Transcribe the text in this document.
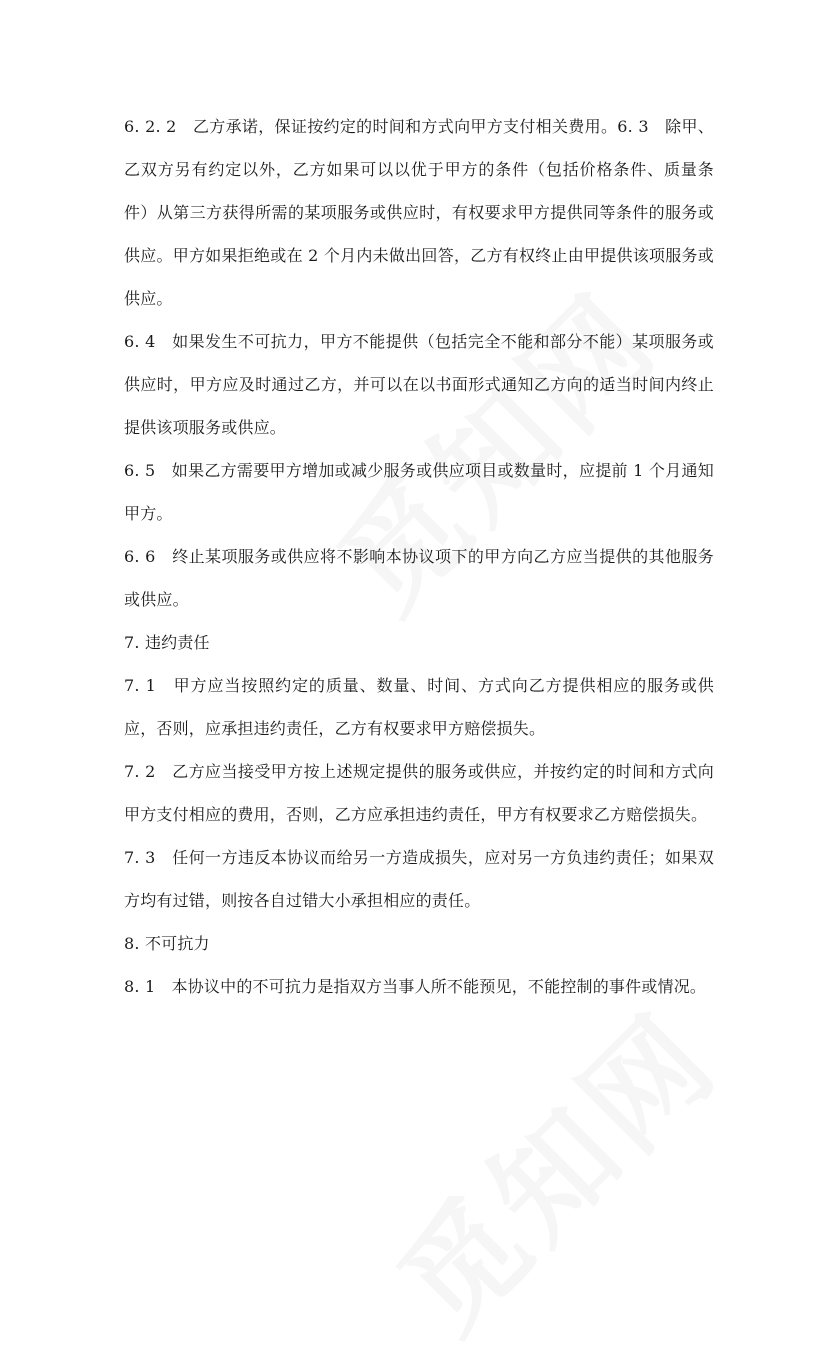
6. 2. 2　乙方承诺，保证按约定的时间和方式向甲方支付相关费用。6. 3　除甲、乙双方另有约定以外，乙方如果可以以优于甲方的条件（包括价格条件、质量条件）从第三方获得所需的某项服务或供应时，有权要求甲方提供同等条件的服务或供应。甲方如果拒绝或在 2 个月内未做出回答，乙方有权终止由甲提供该项服务或供应。

6. 4　如果发生不可抗力，甲方不能提供（包括完全不能和部分不能）某项服务或供应时，甲方应及时通过乙方，并可以在以书面形式通知乙方向的适当时间内终止提供该项服务或供应。

6. 5　如果乙方需要甲方增加或减少服务或供应项目或数量时，应提前 1 个月通知甲方。

6. 6　终止某项服务或供应将不影响本协议项下的甲方向乙方应当提供的其他服务或供应。

7. 违约责任

7. 1　甲方应当按照约定的质量、数量、时间、方式向乙方提供相应的服务或供应，否则，应承担违约责任，乙方有权要求甲方赔偿损失。

7. 2　乙方应当接受甲方按上述规定提供的服务或供应，并按约定的时间和方式向甲方支付相应的费用，否则，乙方应承担违约责任，甲方有权要求乙方赔偿损失。

7. 3　任何一方违反本协议而给另一方造成损失，应对另一方负违约责任；如果双方均有过错，则按各自过错大小承担相应的责任。

8. 不可抗力

8. 1　本协议中的不可抗力是指双方当事人所不能预见，不能控制的事件或情况。
